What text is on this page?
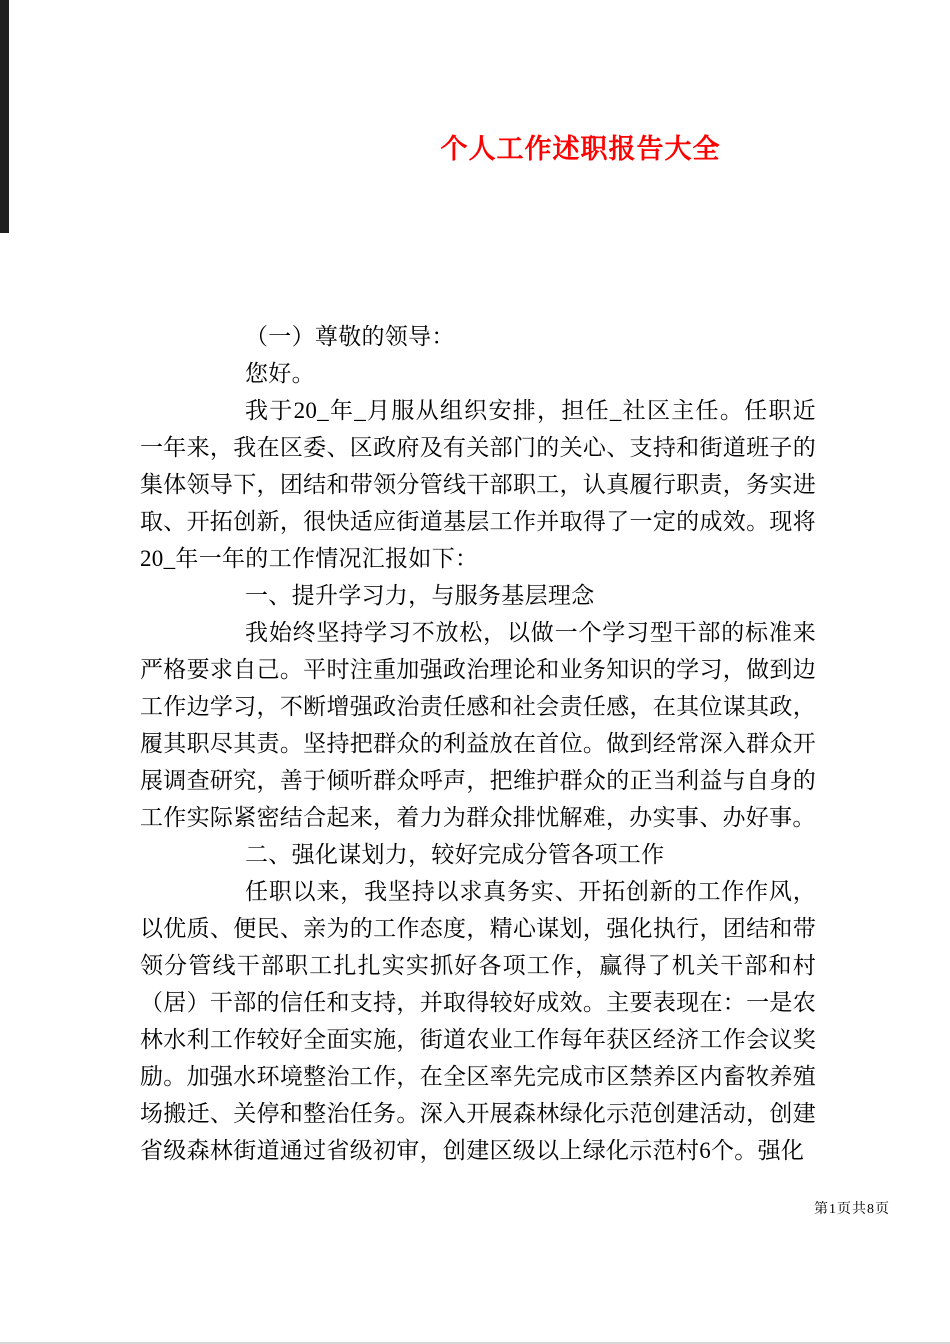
个人工作述职报告大全

（一）尊敬的领导：

您好。

我于20_年_月服从组织安排，担任_社区主任。任职近一年来，我在区委、区政府及有关部门的关心、支持和街道班子的集体领导下，团结和带领分管线干部职工，认真履行职责，务实进取、开拓创新，很快适应街道基层工作并取得了一定的成效。现将20_年一年的工作情况汇报如下：

一、提升学习力，与服务基层理念

我始终坚持学习不放松，以做一个学习型干部的标准来严格要求自己。平时注重加强政治理论和业务知识的学习，做到边工作边学习，不断增强政治责任感和社会责任感，在其位谋其政，履其职尽其责。坚持把群众的利益放在首位。做到经常深入群众开展调查研究，善于倾听群众呼声，把维护群众的正当利益与自身的工作实际紧密结合起来，着力为群众排忧解难，办实事、办好事。

二、强化谋划力，较好完成分管各项工作

任职以来，我坚持以求真务实、开拓创新的工作作风，以优质、便民、亲为的工作态度，精心谋划，强化执行，团结和带领分管线干部职工扎扎实实抓好各项工作，赢得了机关干部和村（居）干部的信任和支持，并取得较好成效。主要表现在：一是农林水利工作较好全面实施，街道农业工作每年获区经济工作会议奖励。加强水环境整治工作，在全区率先完成市区禁养区内畜牧养殖场搬迁、关停和整治任务。深入开展森林绿化示范创建活动，创建省级森林街道通过省级初审，创建区级以上绿化示范村6个。强化

第1页共8页
